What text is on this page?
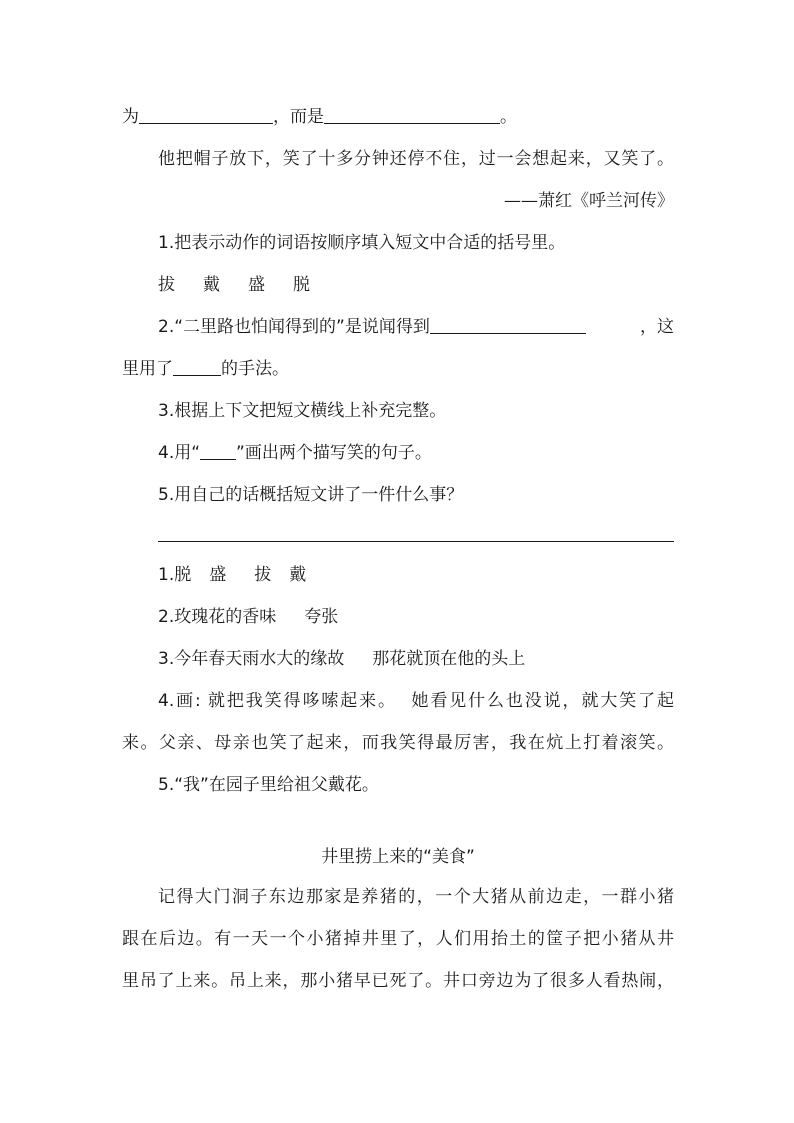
为	，而是	。
他把帽子放下，笑了十多分钟还停不住，过一会想起来，又笑了。
——萧红《呼兰河传》
1.把表示动作的词语按顺序填入短文中合适的括号里。
拔 戴 盛 脱
2.“二里路也怕闻得到的”是说闻得到	，这
里用了	的手法。
3.根据上下文把短文横线上补充完整。
4.用“ ”画出两个描写笑的句子。
5.用自己的话概括短文讲了一件什么事？
1.脱 盛 拔 戴
2.玫瑰花的香味 夸张
3.今年春天雨水大的缘故 那花就顶在他的头上
4.画: 就把我笑得哆嗦起来。  她看见什么也没说，就大笑了起
来。父亲、母亲也笑了起来，而我笑得最厉害，我在炕上打着滚笑。
5.“我”在园子里给祖父戴花。
井里捞上来的“美食”
记得大门洞子东边那家是养猪的，一个大猪从前边走，一群小猪
跟在后边。有一天一个小猪掉井里了，人们用抬土的筐子把小猪从井
里吊了上来。吊上来，那小猪早已死了。井口旁边为了很多人看热闹，
